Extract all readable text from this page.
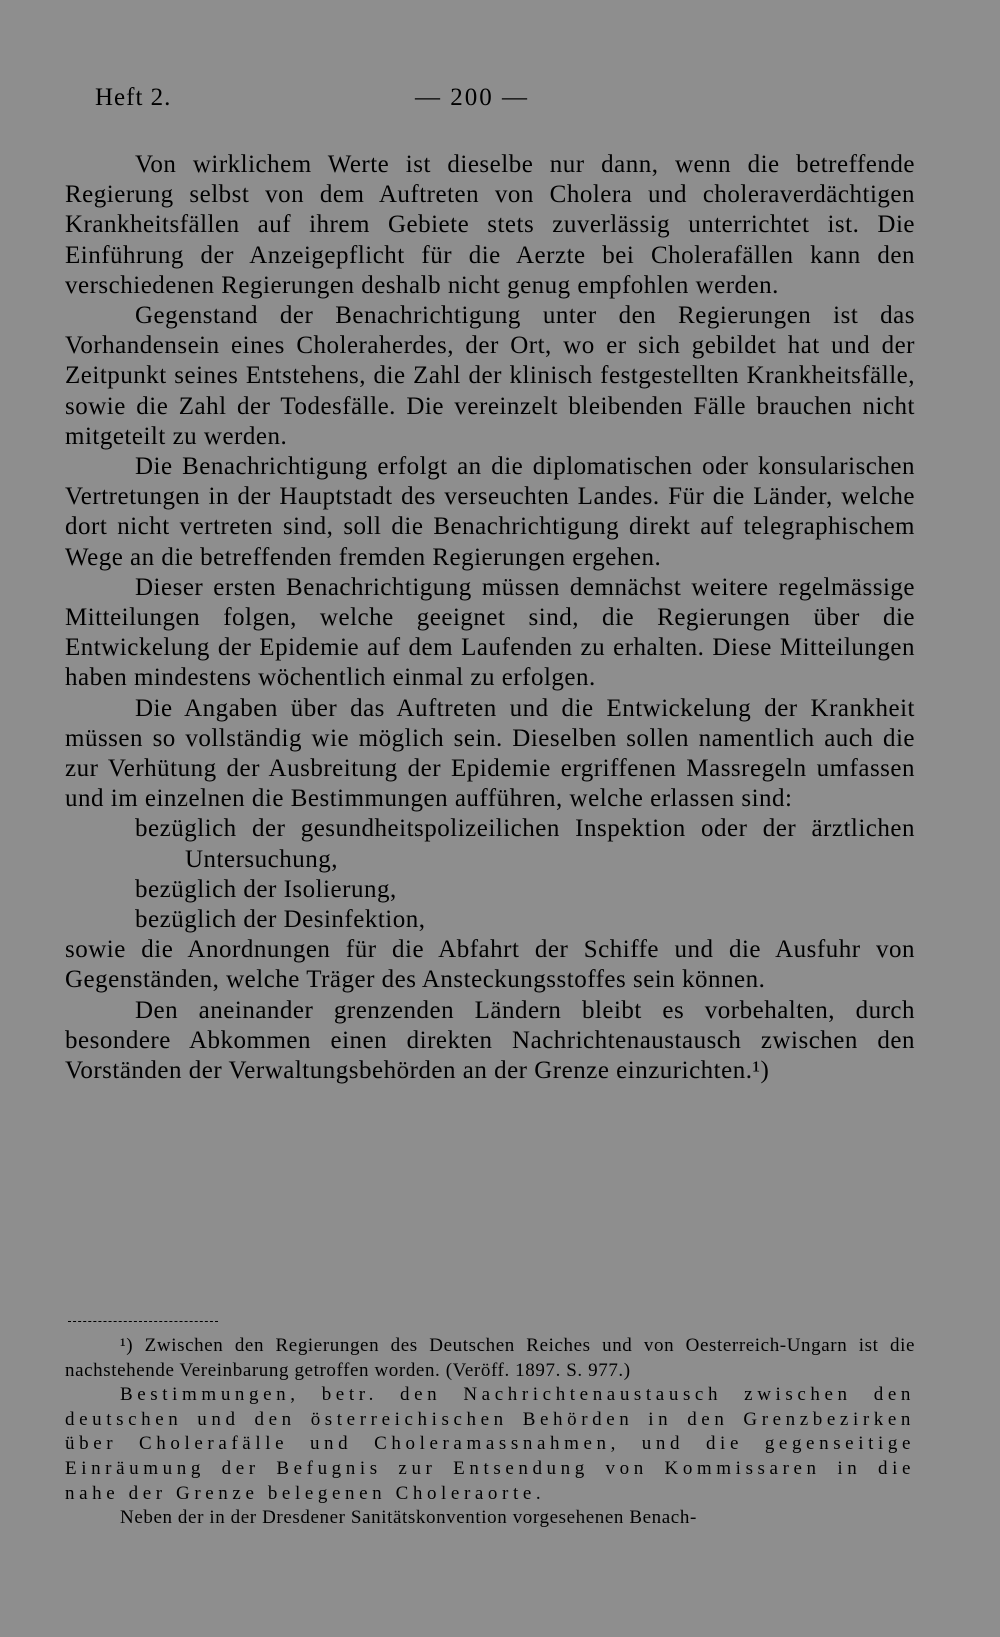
Heft 2.	— 200 —

Von wirklichem Werte ist dieselbe nur dann, wenn die betreffende Regierung selbst von dem Auftreten von Cholera und choleraverdächtigen Krankheitsfällen auf ihrem Gebiete stets zuverlässig unterrichtet ist. Die Einführung der Anzeigepflicht für die Aerzte bei Cholerafällen kann den verschiedenen Regierungen deshalb nicht genug empfohlen werden.

Gegenstand der Benachrichtigung unter den Regierungen ist das Vorhandensein eines Choleraherdes, der Ort, wo er sich gebildet hat und der Zeitpunkt seines Entstehens, die Zahl der klinisch festgestellten Krankheitsfälle, sowie die Zahl der Todesfälle. Die vereinzelt bleibenden Fälle brauchen nicht mitgeteilt zu werden.

Die Benachrichtigung erfolgt an die diplomatischen oder konsularischen Vertretungen in der Hauptstadt des verseuchten Landes. Für die Länder, welche dort nicht vertreten sind, soll die Benachrichtigung direkt auf telegraphischem Wege an die betreffenden fremden Regierungen ergehen.

Dieser ersten Benachrichtigung müssen demnächst weitere regelmässige Mitteilungen folgen, welche geeignet sind, die Regierungen über die Entwickelung der Epidemie auf dem Laufenden zu erhalten. Diese Mitteilungen haben mindestens wöchentlich einmal zu erfolgen.

Die Angaben über das Auftreten und die Entwickelung der Krankheit müssen so vollständig wie möglich sein. Dieselben sollen namentlich auch die zur Verhütung der Ausbreitung der Epidemie ergriffenen Massregeln umfassen und im einzelnen die Bestimmungen aufführen, welche erlassen sind:

bezüglich der gesundheitspolizeilichen Inspektion oder der ärztlichen Untersuchung,
bezüglich der Isolierung,
bezüglich der Desinfektion,

sowie die Anordnungen für die Abfahrt der Schiffe und die Ausfuhr von Gegenständen, welche Träger des Ansteckungsstoffes sein können.

Den aneinander grenzenden Ländern bleibt es vorbehalten, durch besondere Abkommen einen direkten Nachrichtenaustausch zwischen den Vorständen der Verwaltungsbehörden an der Grenze einzurichten.¹)

¹) Zwischen den Regierungen des Deutschen Reiches und von Oesterreich-Ungarn ist die nachstehende Vereinbarung getroffen worden. (Veröff. 1897. S. 977.)

Bestimmungen, betr. den Nachrichtenaustausch zwischen den deutschen und den österreichischen Behörden in den Grenzbezirken über Cholerafälle und Choleramassnahmen, und die gegenseitige Einräumung der Befugnis zur Entsendung von Kommissaren in die nahe der Grenze belegenen Choleraorte.

Neben der in der Dresdener Sanitätskonvention vorgesehenen Benach-
